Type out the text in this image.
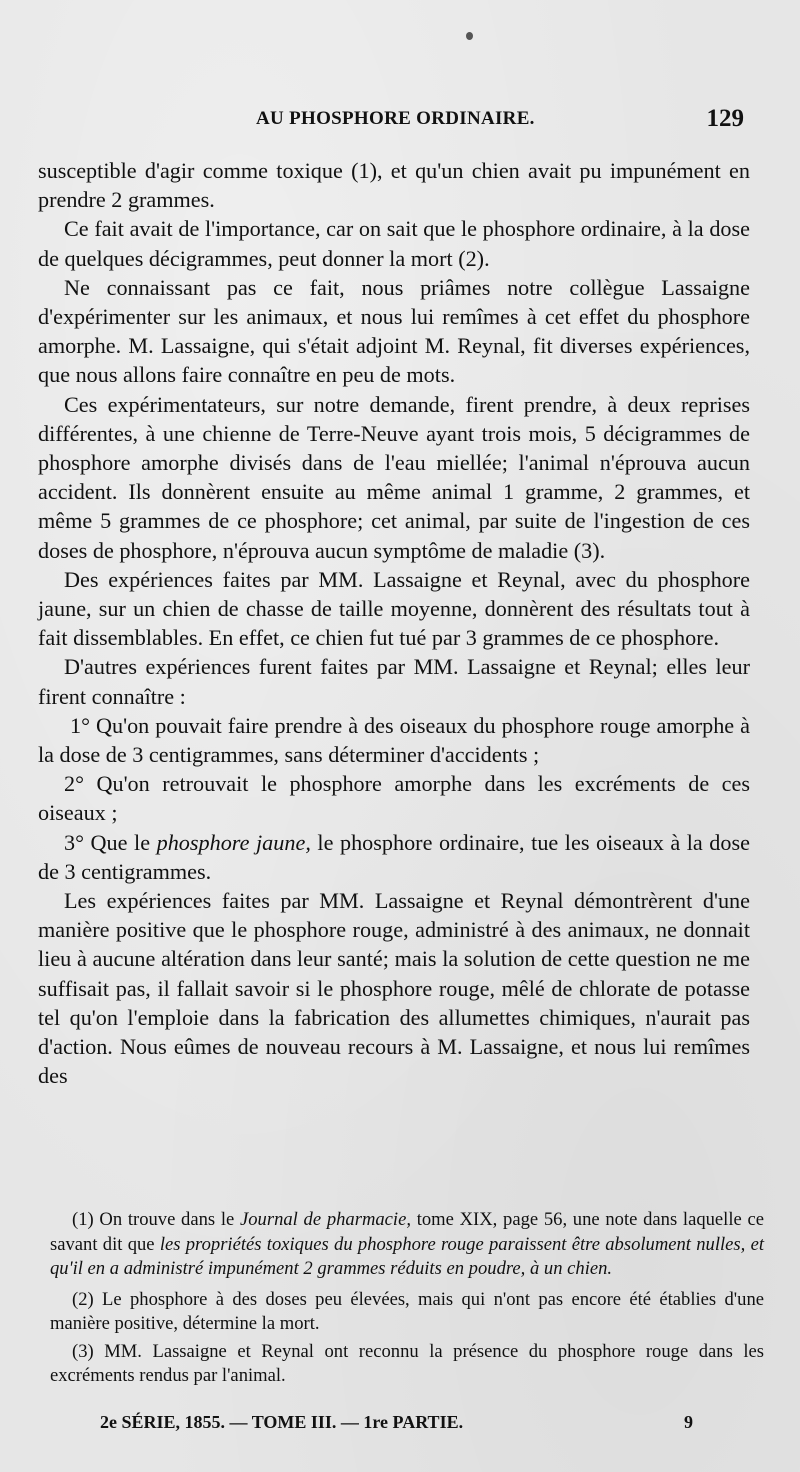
AU PHOSPHORE ORDINAIRE.	129

susceptible d'agir comme toxique (1), et qu'un chien avait pu impunément en prendre 2 grammes.

Ce fait avait de l'importance, car on sait que le phosphore ordinaire, à la dose de quelques décigrammes, peut donner la mort (2).

Ne connaissant pas ce fait, nous priâmes notre collègue Lassaigne d'expérimenter sur les animaux, et nous lui remîmes à cet effet du phosphore amorphe. M. Lassaigne, qui s'était adjoint M. Reynal, fit diverses expériences, que nous allons faire connaître en peu de mots.

Ces expérimentateurs, sur notre demande, firent prendre, à deux reprises différentes, à une chienne de Terre-Neuve ayant trois mois, 5 décigrammes de phosphore amorphe divisés dans de l'eau miellée; l'animal n'éprouva aucun accident. Ils donnèrent ensuite au même animal 1 gramme, 2 grammes, et même 5 grammes de ce phosphore; cet animal, par suite de l'ingestion de ces doses de phosphore, n'éprouva aucun symptôme de maladie (3).

Des expériences faites par MM. Lassaigne et Reynal, avec du phosphore jaune, sur un chien de chasse de taille moyenne, donnèrent des résultats tout à fait dissemblables. En effet, ce chien fut tué par 3 grammes de ce phosphore.

D'autres expériences furent faites par MM. Lassaigne et Reynal; elles leur firent connaître :

1° Qu'on pouvait faire prendre à des oiseaux du phosphore rouge amorphe à la dose de 3 centigrammes, sans déterminer d'accidents ;

2° Qu'on retrouvait le phosphore amorphe dans les excréments de ces oiseaux ;

3° Que le phosphore jaune, le phosphore ordinaire, tue les oiseaux à la dose de 3 centigrammes.

Les expériences faites par MM. Lassaigne et Reynal démontrèrent d'une manière positive que le phosphore rouge, administré à des animaux, ne donnait lieu à aucune altération dans leur santé; mais la solution de cette question ne me suffisait pas, il fallait savoir si le phosphore rouge, mêlé de chlorate de potasse tel qu'on l'emploie dans la fabrication des allumettes chimiques, n'aurait pas d'action. Nous eûmes de nouveau recours à M. Lassaigne, et nous lui remîmes des

(1) On trouve dans le Journal de pharmacie, tome XIX, page 56, une note dans laquelle ce savant dit que les propriétés toxiques du phosphore rouge paraissent être absolument nulles, et qu'il en a administré impunément 2 grammes réduits en poudre, à un chien.

(2) Le phosphore à des doses peu élevées, mais qui n'ont pas encore été établies d'une manière positive, détermine la mort.

(3) MM. Lassaigne et Reynal ont reconnu la présence du phosphore rouge dans les excréments rendus par l'animal.

2e SÉRIE, 1855. — TOME III. — 1re PARTIE.	9
